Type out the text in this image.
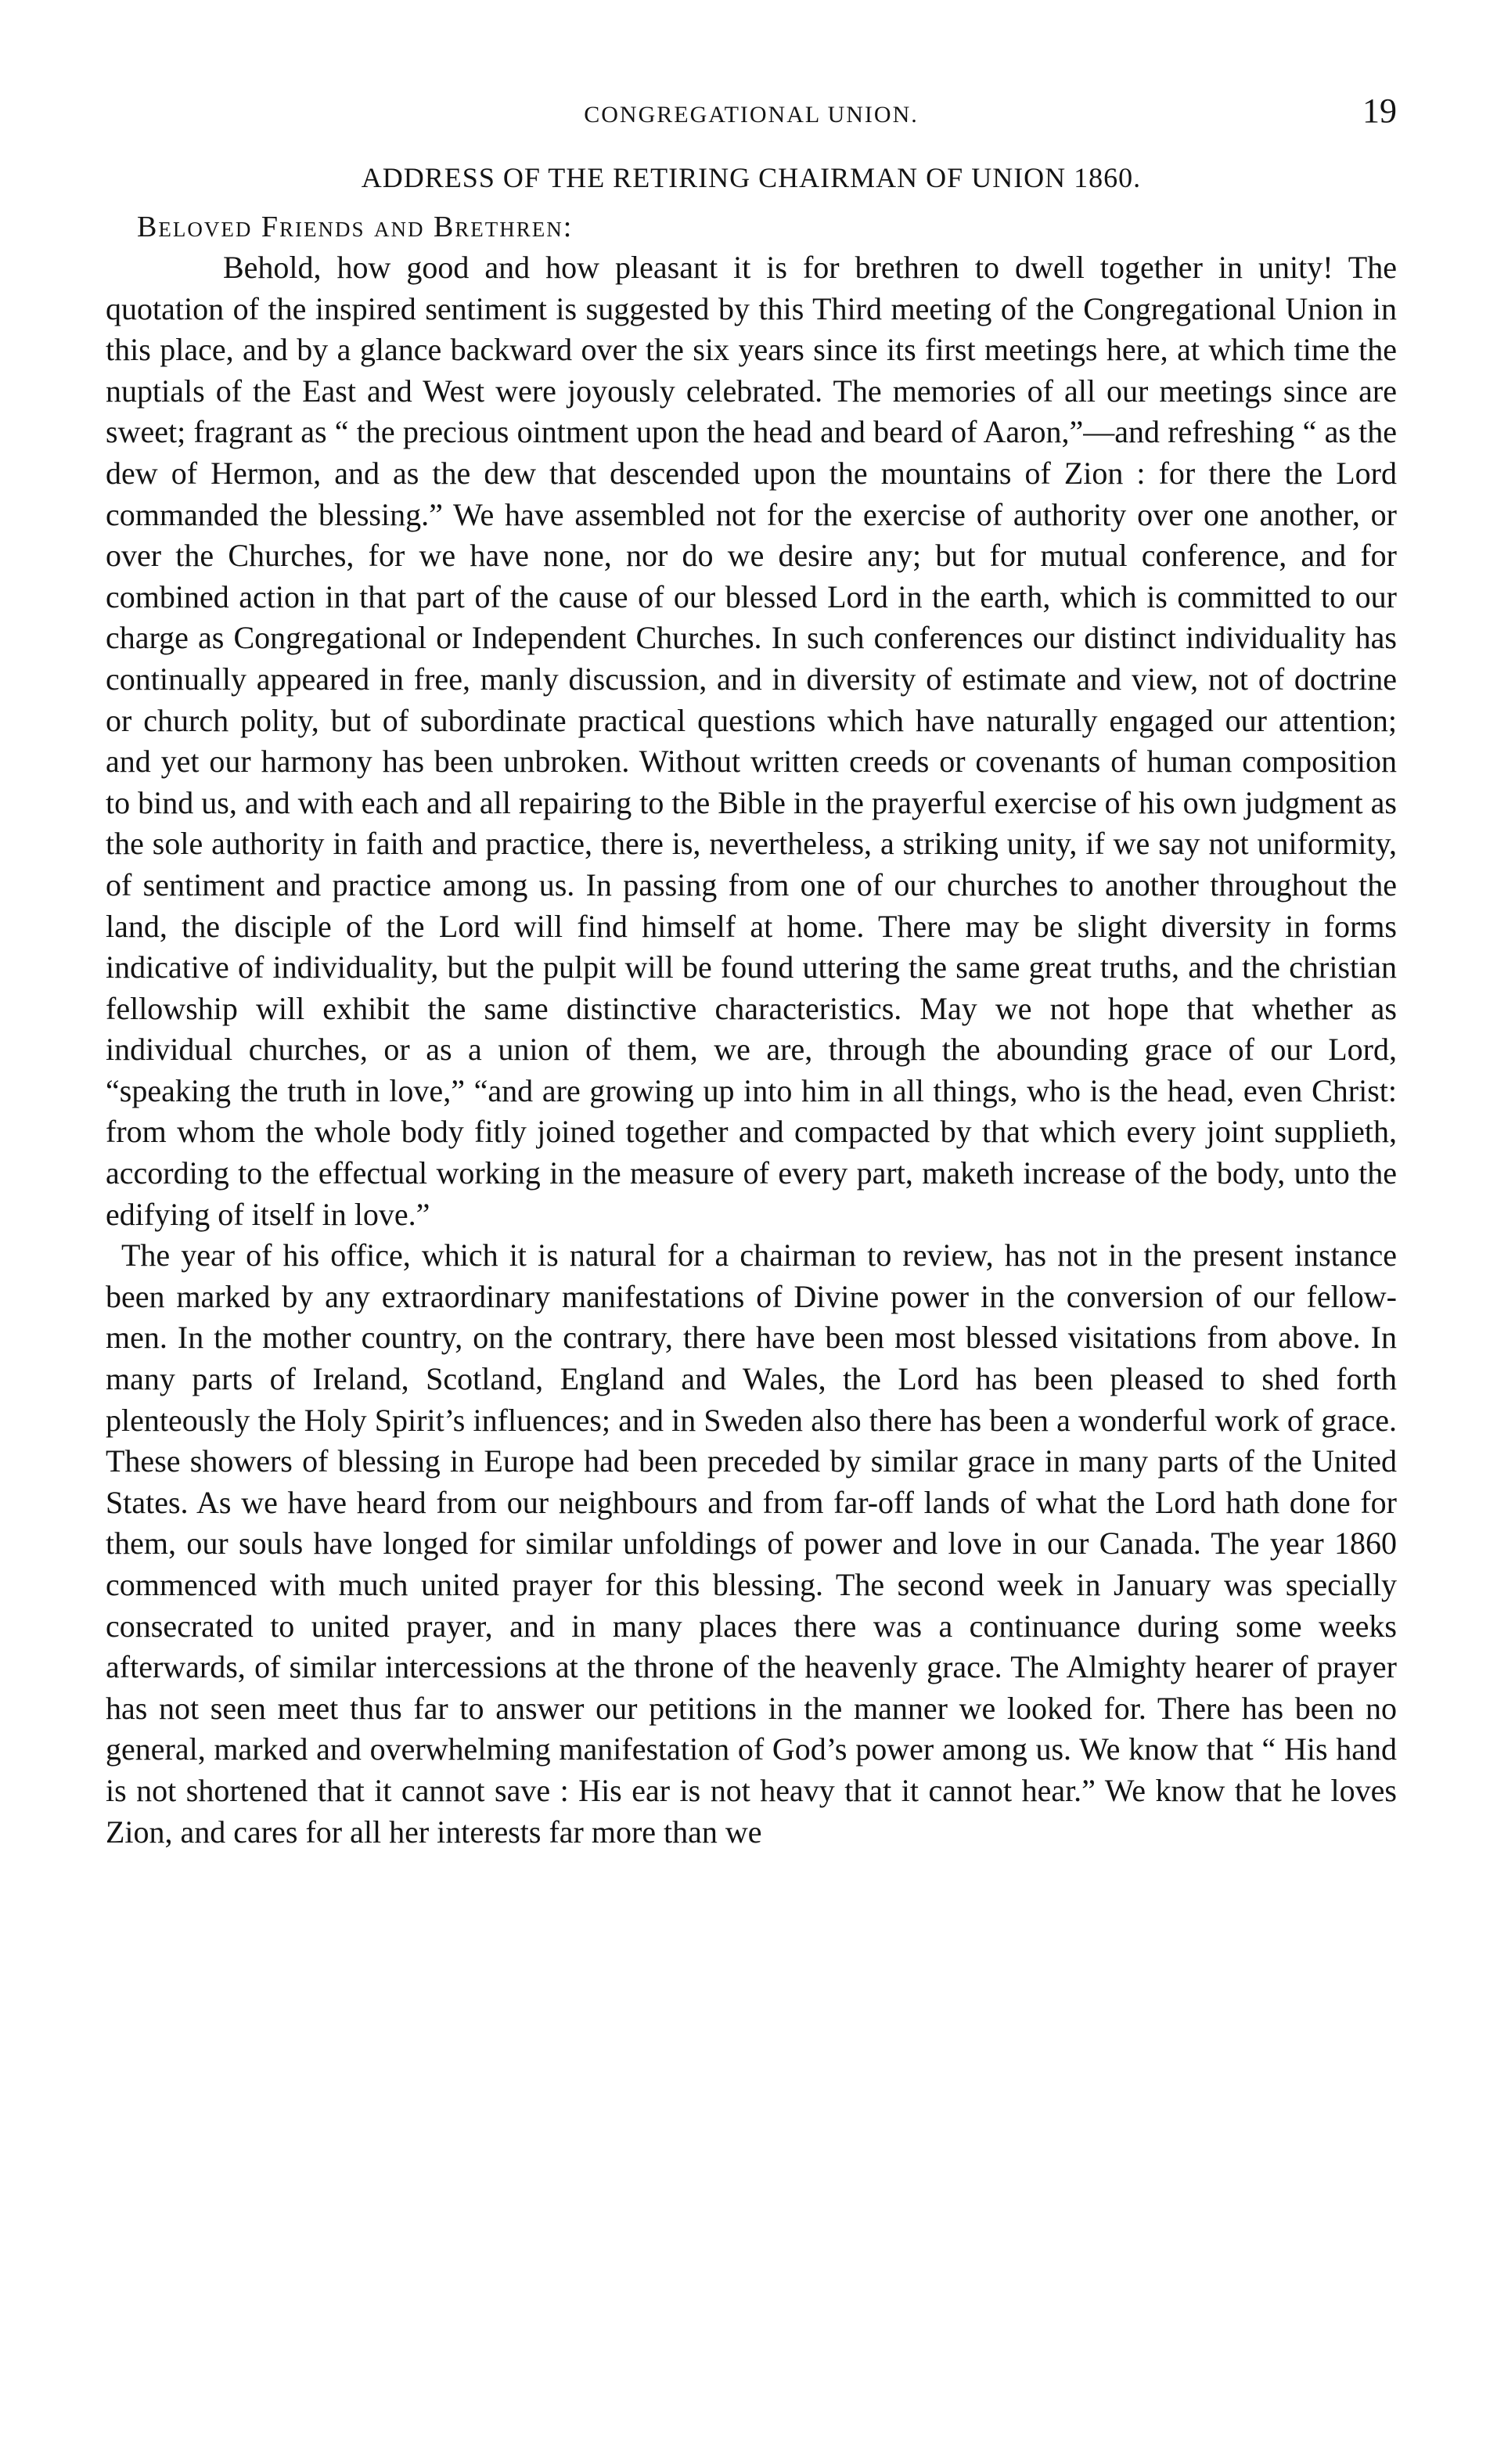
CONGREGATIONAL UNION.	19
ADDRESS OF THE RETIRING CHAIRMAN OF UNION 1860.
Beloved Friends and Brethren:

Behold, how good and how pleasant it is for brethren to dwell together in unity! The quotation of the inspired sentiment is suggested by this Third meeting of the Congregational Union in this place, and by a glance backward over the six years since its first meetings here, at which time the nuptials of the East and West were joyously celebrated. The memories of all our meetings since are sweet; fragrant as “ the precious ointment upon the head and beard of Aaron,”—and refreshing “ as the dew of Hermon, and as the dew that descended upon the mountains of Zion : for there the Lord commanded the blessing.” We have assembled not for the exercise of authority over one another, or over the Churches, for we have none, nor do we desire any; but for mutual conference, and for combined action in that part of the cause of our blessed Lord in the earth, which is committed to our charge as Congregational or Independent Churches. In such conferences our distinct individuality has continually appeared in free, manly discussion, and in diversity of estimate and view, not of doctrine or church polity, but of subordinate practical questions which have naturally engaged our attention; and yet our harmony has been unbroken. Without written creeds or covenants of human composition to bind us, and with each and all repairing to the Bible in the prayerful exercise of his own judgment as the sole authority in faith and practice, there is, nevertheless, a striking unity, if we say not uniformity, of sentiment and practice among us. In passing from one of our churches to another throughout the land, the disciple of the Lord will find himself at home. There may be slight diversity in forms indicative of individuality, but the pulpit will be found uttering the same great truths, and the christian fellowship will exhibit the same distinctive characteristics. May we not hope that whether as individual churches, or as a union of them, we are, through the abounding grace of our Lord, “speaking the truth in love,” “and are growing up into him in all things, who is the head, even Christ: from whom the whole body fitly joined together and compacted by that which every joint supplieth, according to the effectual working in the measure of every part, maketh increase of the body, unto the edifying of itself in love.”

The year of his office, which it is natural for a chairman to review, has not in the present instance been marked by any extraordinary manifestations of Divine power in the conversion of our fellow-men. In the mother country, on the contrary, there have been most blessed visitations from above. In many parts of Ireland, Scotland, England and Wales, the Lord has been pleased to shed forth plenteously the Holy Spirit’s influences; and in Sweden also there has been a wonderful work of grace. These showers of blessing in Europe had been preceded by similar grace in many parts of the United States. As we have heard from our neighbours and from far-off lands of what the Lord hath done for them, our souls have longed for similar unfoldings of power and love in our Canada. The year 1860 commenced with much united prayer for this blessing. The second week in January was specially consecrated to united prayer, and in many places there was a continuance during some weeks afterwards, of similar intercessions at the throne of the heavenly grace. The Almighty hearer of prayer has not seen meet thus far to answer our petitions in the manner we looked for. There has been no general, marked and overwhelming manifestation of God’s power among us. We know that “ His hand is not shortened that it cannot save : His ear is not heavy that it cannot hear.” We know that he loves Zion, and cares for all her interests far more than we
